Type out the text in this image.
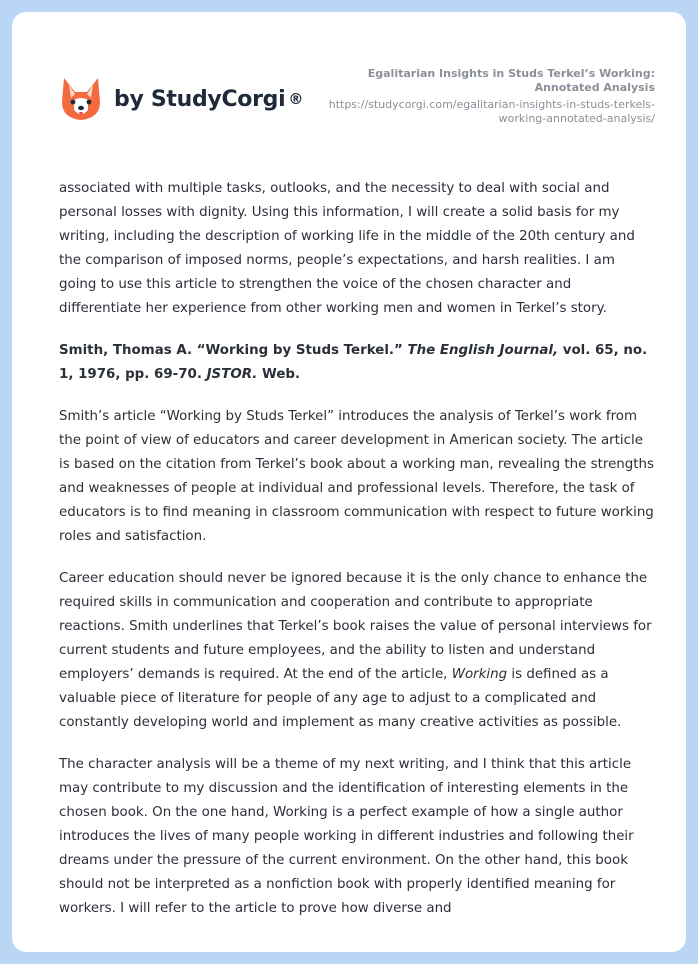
by StudyCorgi ®
Egalitarian Insights in Studs Terkel’s Working: Annotated Analysis
https://studycorgi.com/egalitarian-insights-in-studs-terkels-working-annotated-analysis/

associated with multiple tasks, outlooks, and the necessity to deal with social and personal losses with dignity. Using this information, I will create a solid basis for my writing, including the description of working life in the middle of the 20th century and the comparison of imposed norms, people’s expectations, and harsh realities. I am going to use this article to strengthen the voice of the chosen character and differentiate her experience from other working men and women in Terkel’s story.

Smith, Thomas A. “Working by Studs Terkel.” The English Journal, vol. 65, no. 1, 1976, pp. 69-70. JSTOR. Web.

Smith’s article “Working by Studs Terkel” introduces the analysis of Terkel’s work from the point of view of educators and career development in American society. The article is based on the citation from Terkel’s book about a working man, revealing the strengths and weaknesses of people at individual and professional levels. Therefore, the task of educators is to find meaning in classroom communication with respect to future working roles and satisfaction.

Career education should never be ignored because it is the only chance to enhance the required skills in communication and cooperation and contribute to appropriate reactions. Smith underlines that Terkel’s book raises the value of personal interviews for current students and future employees, and the ability to listen and understand employers’ demands is required. At the end of the article, Working is defined as a valuable piece of literature for people of any age to adjust to a complicated and constantly developing world and implement as many creative activities as possible.

The character analysis will be a theme of my next writing, and I think that this article may contribute to my discussion and the identification of interesting elements in the chosen book. On the one hand, Working is a perfect example of how a single author introduces the lives of many people working in different industries and following their dreams under the pressure of the current environment. On the other hand, this book should not be interpreted as a nonfiction book with properly identified meaning for workers. I will refer to the article to prove how diverse and
